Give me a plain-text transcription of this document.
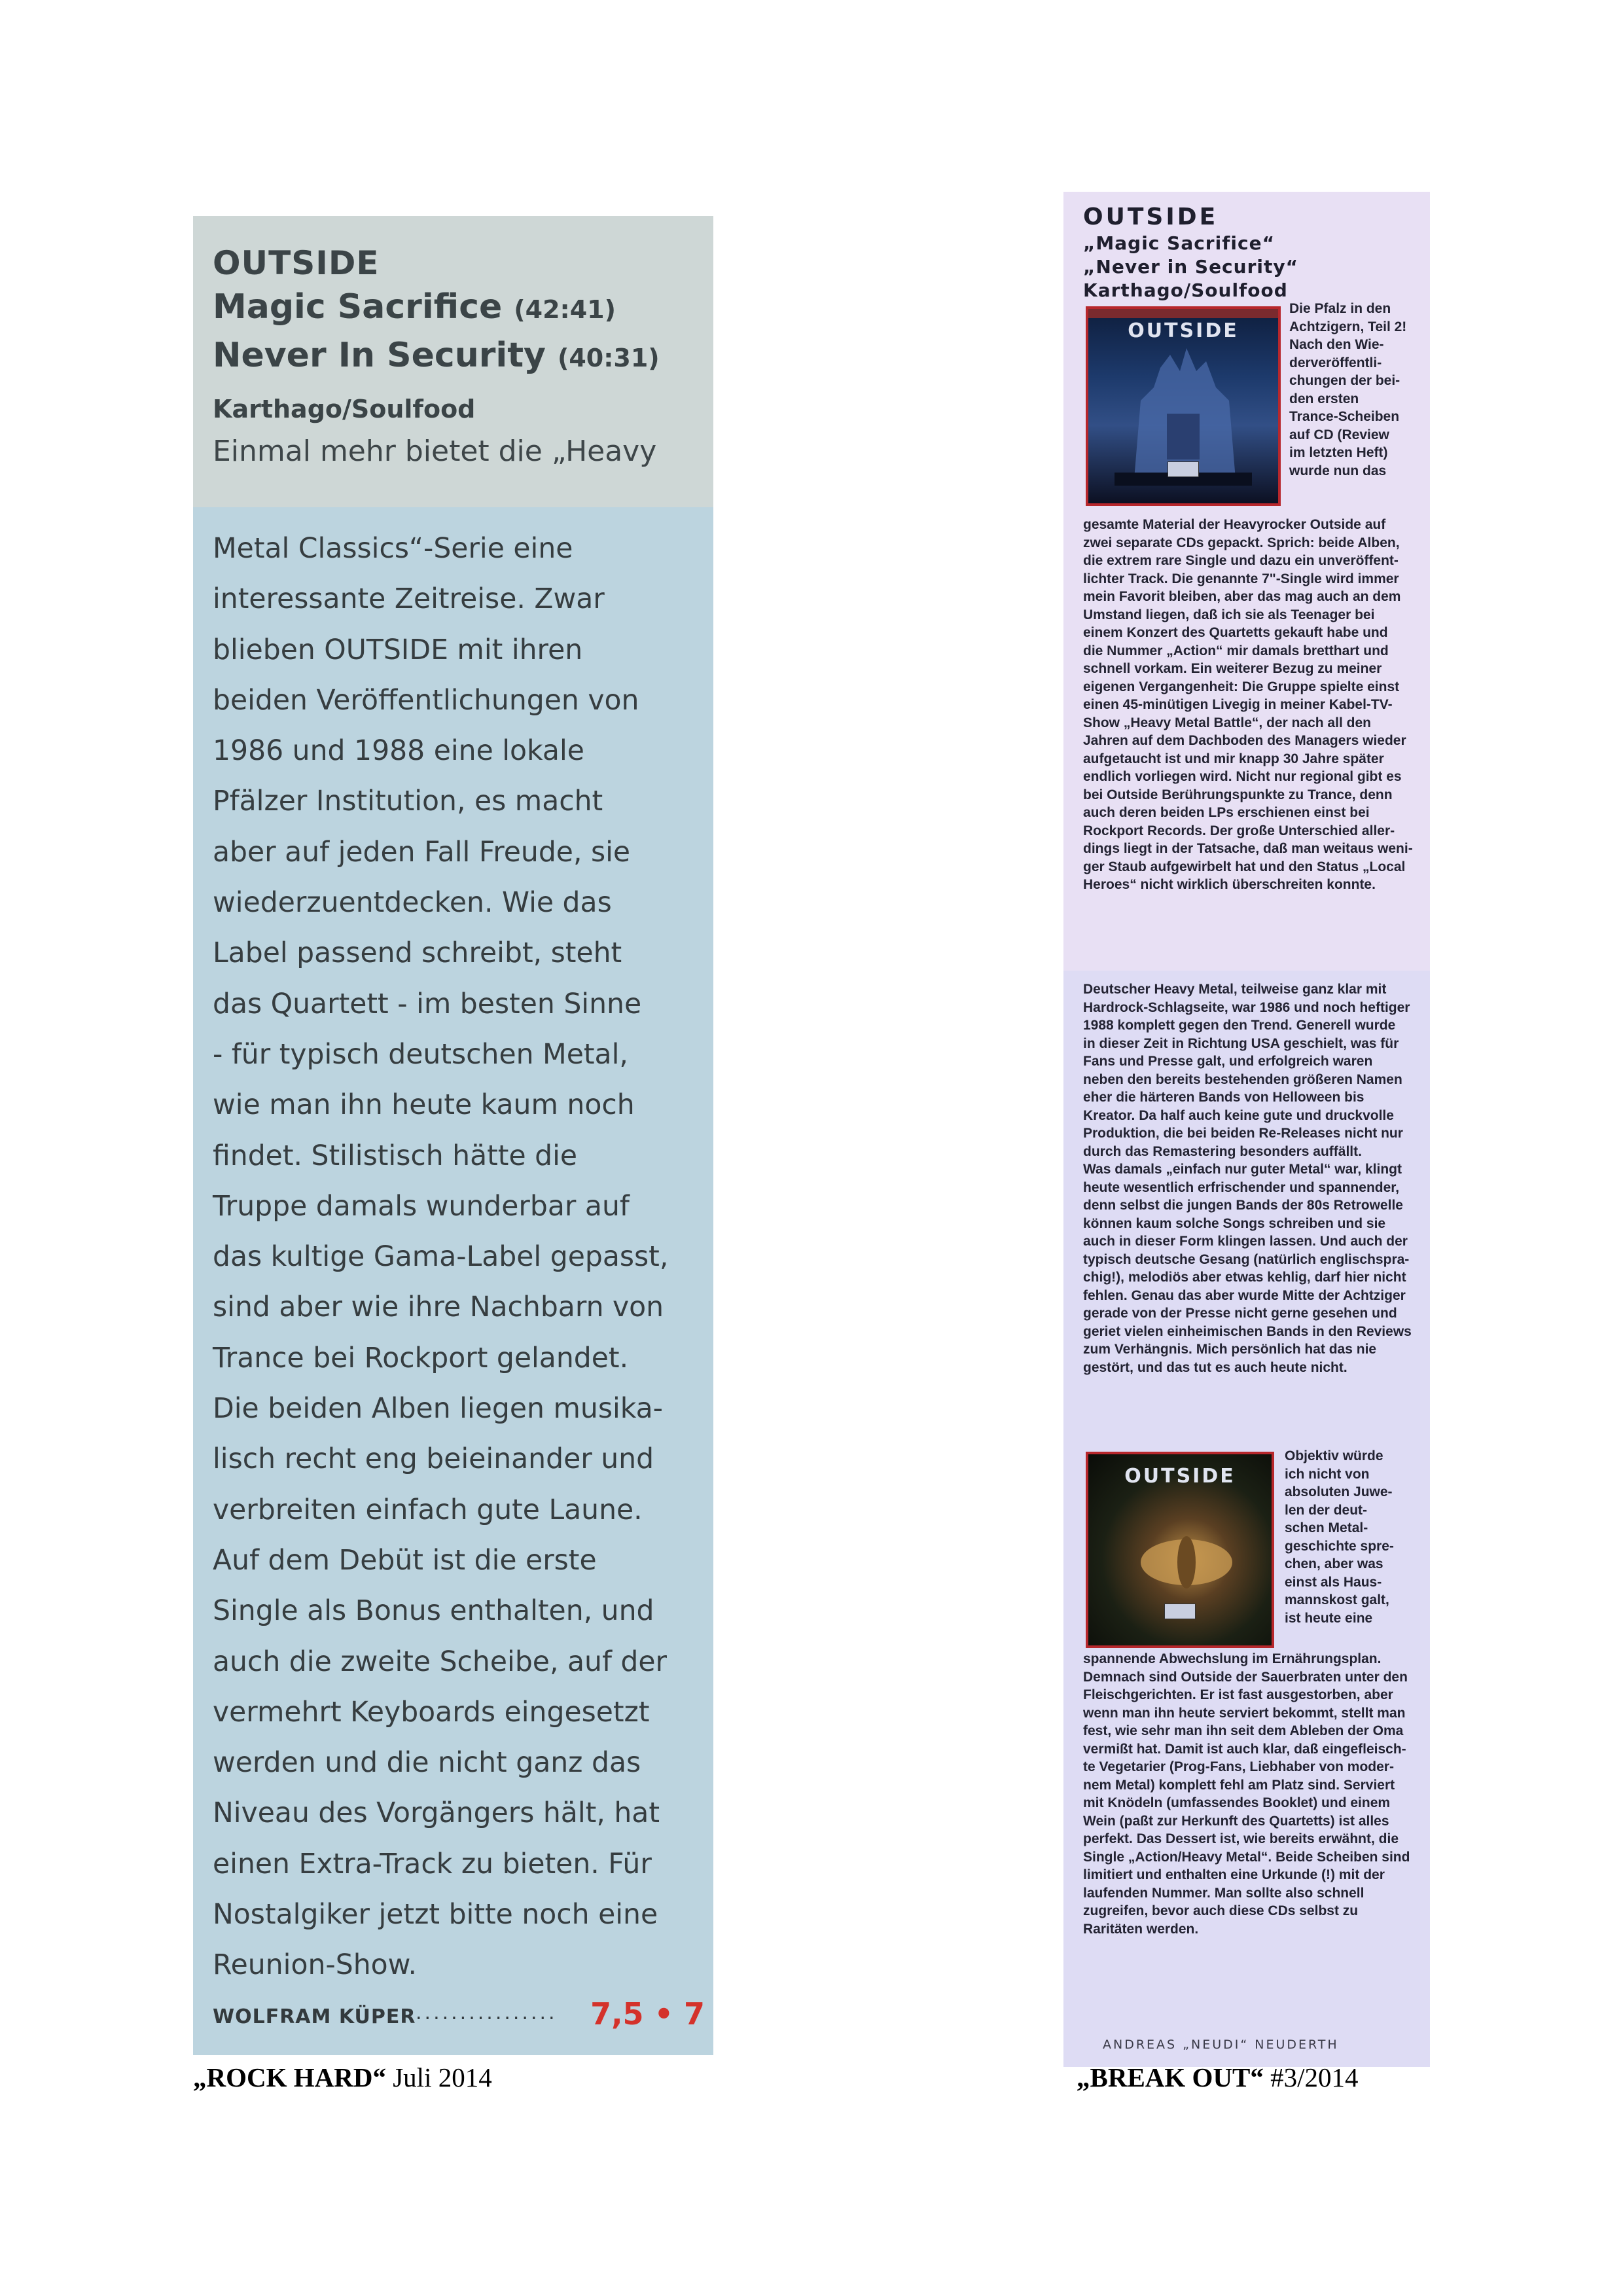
OUTSIDE
Magic Sacrifice (42:41)
Never In Security (40:31)
Karthago/Soulfood
Einmal mehr bietet die „Heavy
Metal Classics“-Serie eine
interessante Zeitreise. Zwar
blieben OUTSIDE mit ihren
beiden Veröffentlichungen von
1986 und 1988 eine lokale
Pfälzer Institution, es macht
aber auf jeden Fall Freude, sie
wiederzuentdecken. Wie das
Label passend schreibt, steht
das Quartett - im besten Sinne
- für typisch deutschen Metal,
wie man ihn heute kaum noch
findet. Stilistisch hätte die
Truppe damals wunderbar auf
das kultige Gama-Label gepasst,
sind aber wie ihre Nachbarn von
Trance bei Rockport gelandet.
Die beiden Alben liegen musika-
lisch recht eng beieinander und
verbreiten einfach gute Laune.
Auf dem Debüt ist die erste
Single als Bonus enthalten, und
auch die zweite Scheibe, auf der
vermehrt Keyboards eingesetzt
werden und die nicht ganz das
Niveau des Vorgängers hält, hat
einen Extra-Track zu bieten. Für
Nostalgiker jetzt bitte noch eine
Reunion-Show.
WOLFRAM KÜPER ................ 7,5 • 7
OUTSIDE
„Magic Sacrifice“
„Never in Security“
Karthago/Soulfood
OUTSIDE
Die Pfalz in den
Achtzigern, Teil 2!
Nach den Wie-
derveröffentli-
chungen der bei-
den ersten
Trance-Scheiben
auf CD (Review
im letzten Heft)
wurde nun das
gesamte Material der Heavyrocker Outside auf
zwei separate CDs gepackt. Sprich: beide Alben,
die extrem rare Single und dazu ein unveröffent-
lichter Track. Die genannte 7"-Single wird immer
mein Favorit bleiben, aber das mag auch an dem
Umstand liegen, daß ich sie als Teenager bei
einem Konzert des Quartetts gekauft habe und
die Nummer „Action“ mir damals bretthart und
schnell vorkam. Ein weiterer Bezug zu meiner
eigenen Vergangenheit: Die Gruppe spielte einst
einen 45-minütigen Livegig in meiner Kabel-TV-
Show „Heavy Metal Battle“, der nach all den
Jahren auf dem Dachboden des Managers wieder
aufgetaucht ist und mir knapp 30 Jahre später
endlich vorliegen wird. Nicht nur regional gibt es
bei Outside Berührungspunkte zu Trance, denn
auch deren beiden LPs erschienen einst bei
Rockport Records. Der große Unterschied aller-
dings liegt in der Tatsache, daß man weitaus weni-
ger Staub aufgewirbelt hat und den Status „Local
Heroes“ nicht wirklich überschreiten konnte.
Deutscher Heavy Metal, teilweise ganz klar mit
Hardrock-Schlagseite, war 1986 und noch heftiger
1988 komplett gegen den Trend. Generell wurde
in dieser Zeit in Richtung USA geschielt, was für
Fans und Presse galt, und erfolgreich waren
neben den bereits bestehenden größeren Namen
eher die härteren Bands von Helloween bis
Kreator. Da half auch keine gute und druckvolle
Produktion, die bei beiden Re-Releases nicht nur
durch das Remastering besonders auffällt.
Was damals „einfach nur guter Metal“ war, klingt
heute wesentlich erfrischender und spannender,
denn selbst die jungen Bands der 80s Retrowelle
können kaum solche Songs schreiben und sie
auch in dieser Form klingen lassen. Und auch der
typisch deutsche Gesang (natürlich englischspra-
chig!), melodiös aber etwas kehlig, darf hier nicht
fehlen. Genau das aber wurde Mitte der Achtziger
gerade von der Presse nicht gerne gesehen und
geriet vielen einheimischen Bands in den Reviews
zum Verhängnis. Mich persönlich hat das nie
gestört, und das tut es auch heute nicht.
OUTSIDE
Objektiv würde
ich nicht von
absoluten Juwe-
len der deut-
schen Metal-
geschichte spre-
chen, aber was
einst als Haus-
mannskost galt,
ist heute eine
spannende Abwechslung im Ernährungsplan.
Demnach sind Outside der Sauerbraten unter den
Fleischgerichten. Er ist fast ausgestorben, aber
wenn man ihn heute serviert bekommt, stellt man
fest, wie sehr man ihn seit dem Ableben der Oma
vermißt hat. Damit ist auch klar, daß eingefleisch-
te Vegetarier (Prog-Fans, Liebhaber von moder-
nem Metal) komplett fehl am Platz sind. Serviert
mit Knödeln (umfassendes Booklet) und einem
Wein (paßt zur Herkunft des Quartetts) ist alles
perfekt. Das Dessert ist, wie bereits erwähnt, die
Single „Action/Heavy Metal“. Beide Scheiben sind
limitiert und enthalten eine Urkunde (!) mit der
laufenden Nummer. Man sollte also schnell
zugreifen, bevor auch diese CDs selbst zu
Raritäten werden.
ANDREAS „NEUDI“ NEUDERTH
„ROCK HARD“ Juli 2014	„BREAK OUT“ #3/2014
